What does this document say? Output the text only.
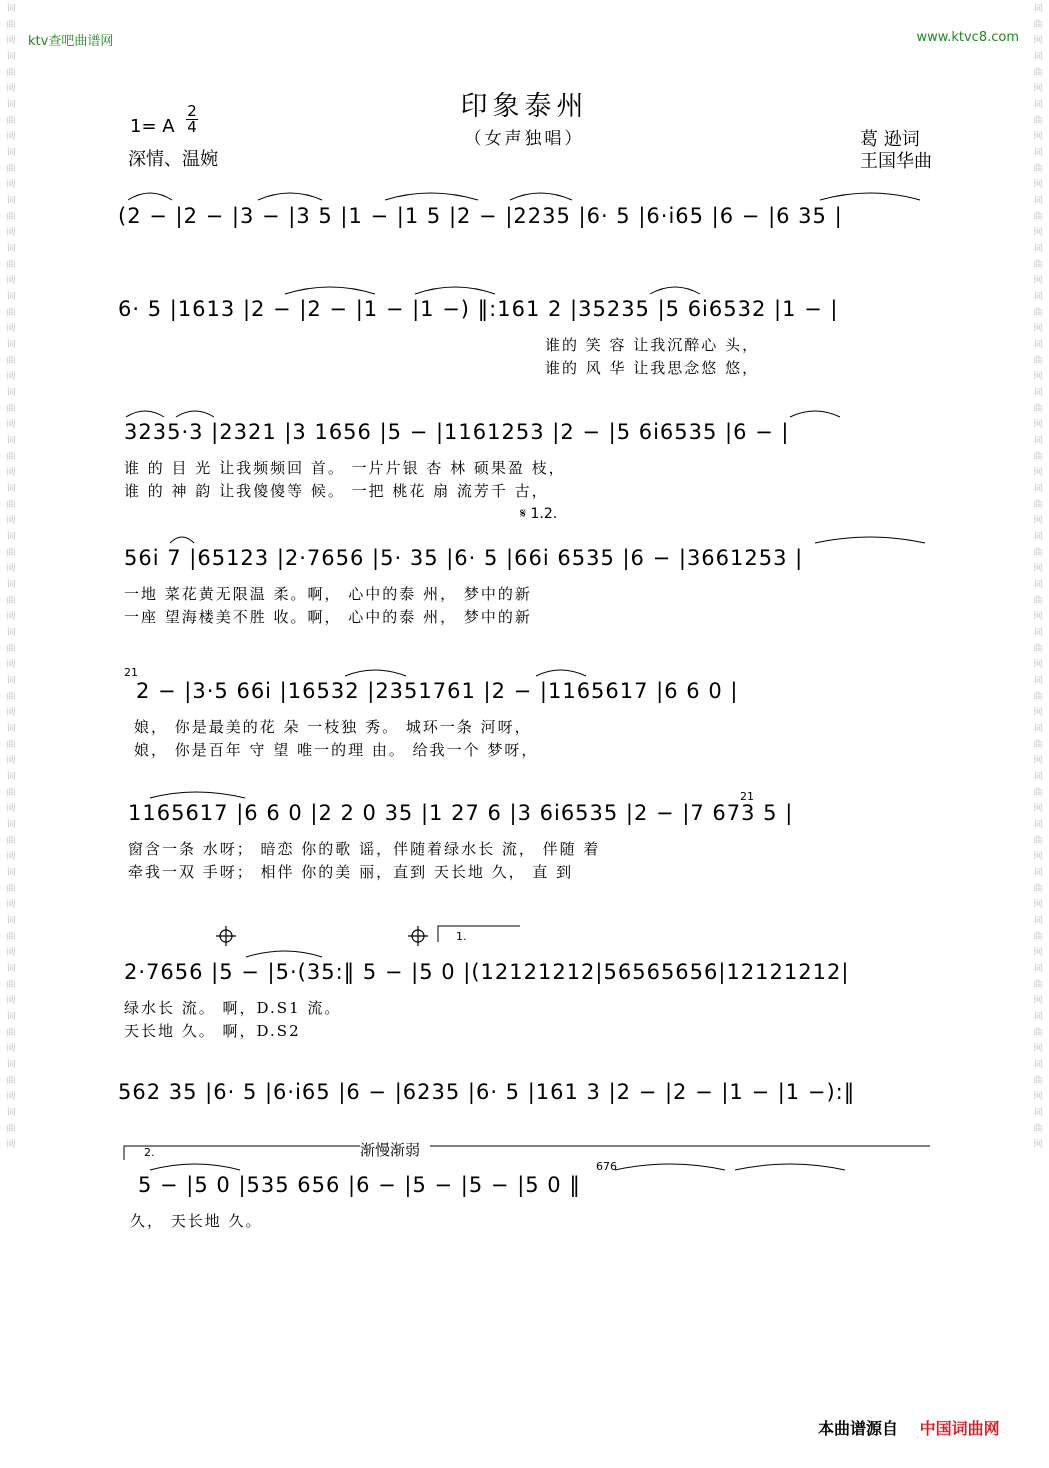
词
曲
网
词
曲
网
词
曲
网
词
曲
网
词
曲
网
词
曲
网
词
曲
网
词
曲
网
词
曲
网
词
曲
网
词
曲
网
词
曲
网
词
曲
网
词
曲
网
词
曲
网
词
曲
网
词
曲
网
词
曲
网
词
曲
网
词
曲
网
词
曲
网
词
曲
网
词
曲
网
词
曲
网
词
曲
网
词
曲
网
词
曲
网
词
曲
网
词
曲
网
词
曲
网
词
曲
网
词
曲
网
词
曲
网
词
曲
网
词
曲
网
词
曲
网
词
曲
网
词
曲
网
词
曲
网
词
曲
网
词
曲
网
词
曲
网
词
曲
网
词
曲
网
词
曲
网
词
曲
网
词
曲
网
词
曲
网
ktv查吧曲谱网	www.ktvc8.com
印象泰州
（女声独唱）
1= A
2
4
深情、温婉
葛 逊词
王国华曲
(2 − |2 − |3 − |3 5 |1 − |1 5 |2 − |2235 |6· 5 |6·i65 |6 − |6 35 |
6· 5 |1613 |2 − |2 − |1 − |1 −) ‖:161 2 |35235 |5 6i6532 |1 − |
谁的 笑 容 让我沉醉心 头，
谁的 风 华 让我思念悠 悠，
3235·3 |2321 |3 1656 |5 − |1161253 |2 − |5 6i6535 |6 − |
谁 的 目 光 让我频频回 首。 一片片银 杏 林 硕果盈 枝，
谁 的 神 韵 让我傻傻等 候。 一把 桃花 扇 流芳千 古，
𝄋 1.2.
56i 7 |65123 |2·7656 |5· 35 |6· 5 |66i 6535 |6 − |3661253 |
一地 菜花黄无限温 柔。啊， 心中的泰 州， 梦中的新
一座 望海楼美不胜 收。啊， 心中的泰 州， 梦中的新
21
2 − |3·5 66i |16532 |2351761 |2 − |1165617 |6 6 0 |
娘， 你是最美的花 朵 一枝独 秀。 城环一条 河呀，
娘， 你是百年 守 望 唯一的理 由。 给我一个 梦呀，
1165617 |6 6 0 |2 2 0 35 |1 27 6 |3 6i6535 |2 − |7 673 5 |
21
窗含一条 水呀； 暗恋 你的歌 谣，伴随着绿水长 流， 伴随 着
牵我一双 手呀； 相伴 你的美 丽，直到 天长地 久， 直 到
1.
2·7656 |5 − |5·(35:‖ 5 − |5 0 |(12121212|56565656|12121212|
绿水长 流。 啊，D.S1 流。
天长地 久。 啊，D.S2
562 35 |6· 5 |6·i65 |6 − |6235 |6· 5 |161 3 |2 − |2 − |1 − |1 −):‖
2.	渐慢渐弱
676
5 − |5 0 |535 656 |6 − |5 − |5 − |5 0 ‖
久， 天长地 久。
本曲谱源自 中国词曲网
